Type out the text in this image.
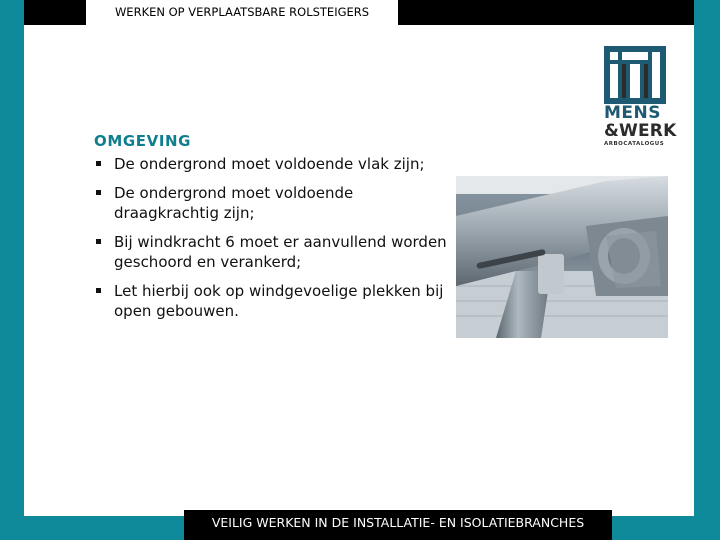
WERKEN OP VERPLAATSBARE ROLSTEIGERS
VEILIG WERKEN IN DE INSTALLATIE- EN ISOLATIEBRANCHES
MENS
&WERK
ARBOCATALOGUS
OMGEVING
De ondergrond moet voldoende vlak zijn;
De ondergrond moet voldoende draagkrachtig zijn;
Bij windkracht 6 moet er aanvullend worden geschoord en verankerd;
Let hierbij ook op windgevoelige plekken bij open gebouwen.
